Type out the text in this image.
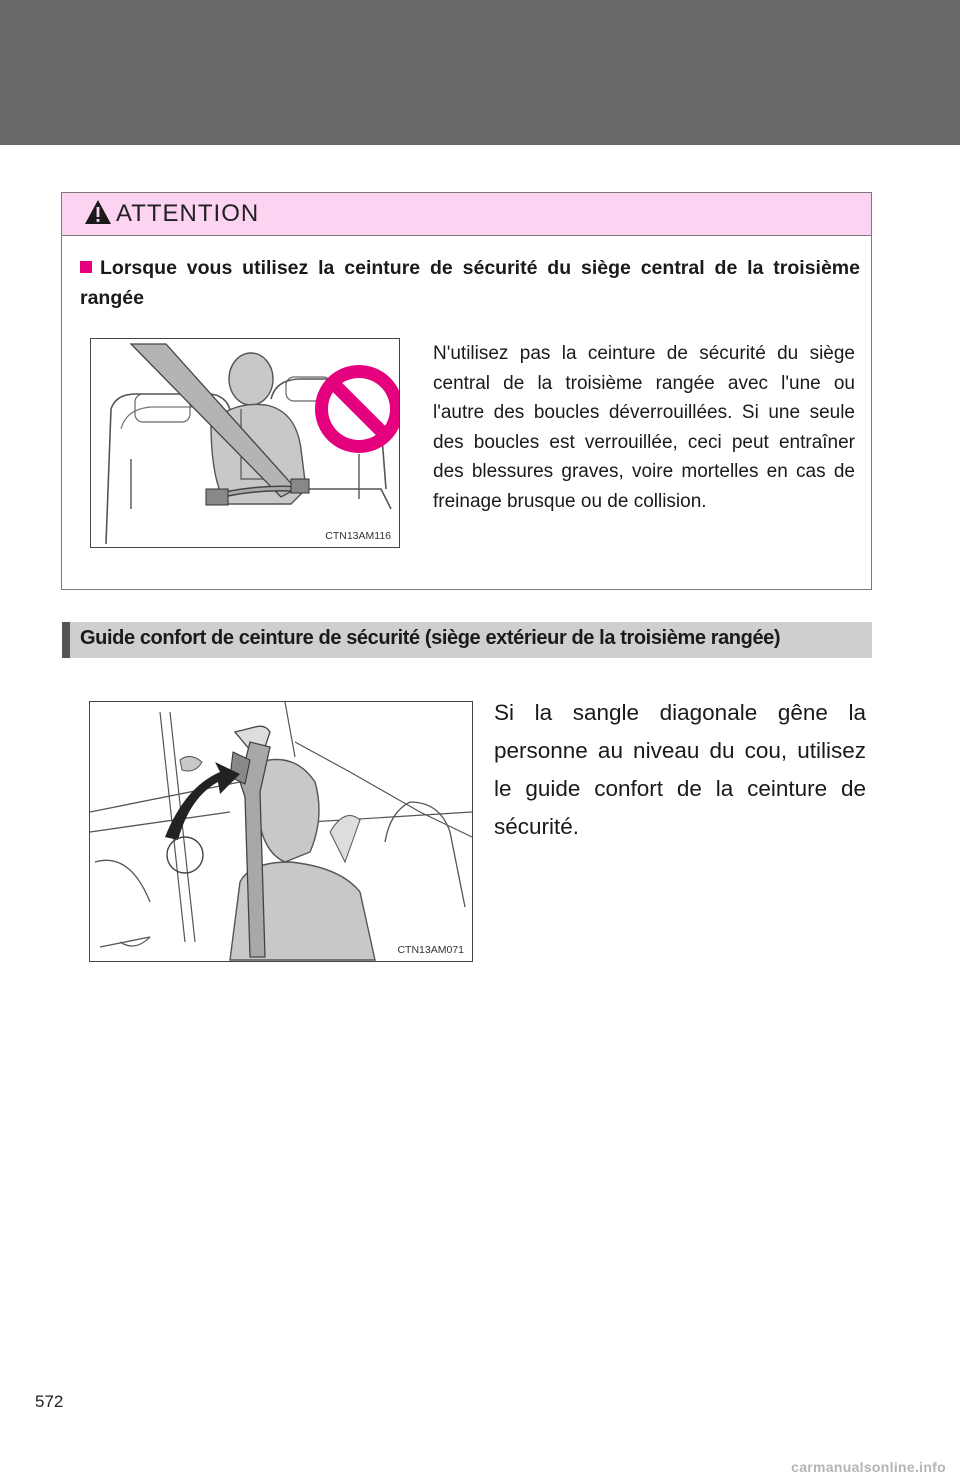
ATTENTION
Lorsque vous utilisez la ceinture de sécurité du siège central de la troisième rangée
CTN13AM116
N'utilisez pas la ceinture de sécurité du siège central de la troisième rangée avec l'une ou l'autre des boucles déverrouillées. Si une seule des boucles est verrouillée, ceci peut entraîner des blessures graves, voire mortelles en cas de freinage brusque ou de collision.
Guide confort de ceinture de sécurité (siège extérieur de la troisième rangée)
CTN13AM071
Si la sangle diagonale gêne la personne au niveau du cou, utilisez le guide confort de la ceinture de sécurité.
572
carmanualsonline.info
